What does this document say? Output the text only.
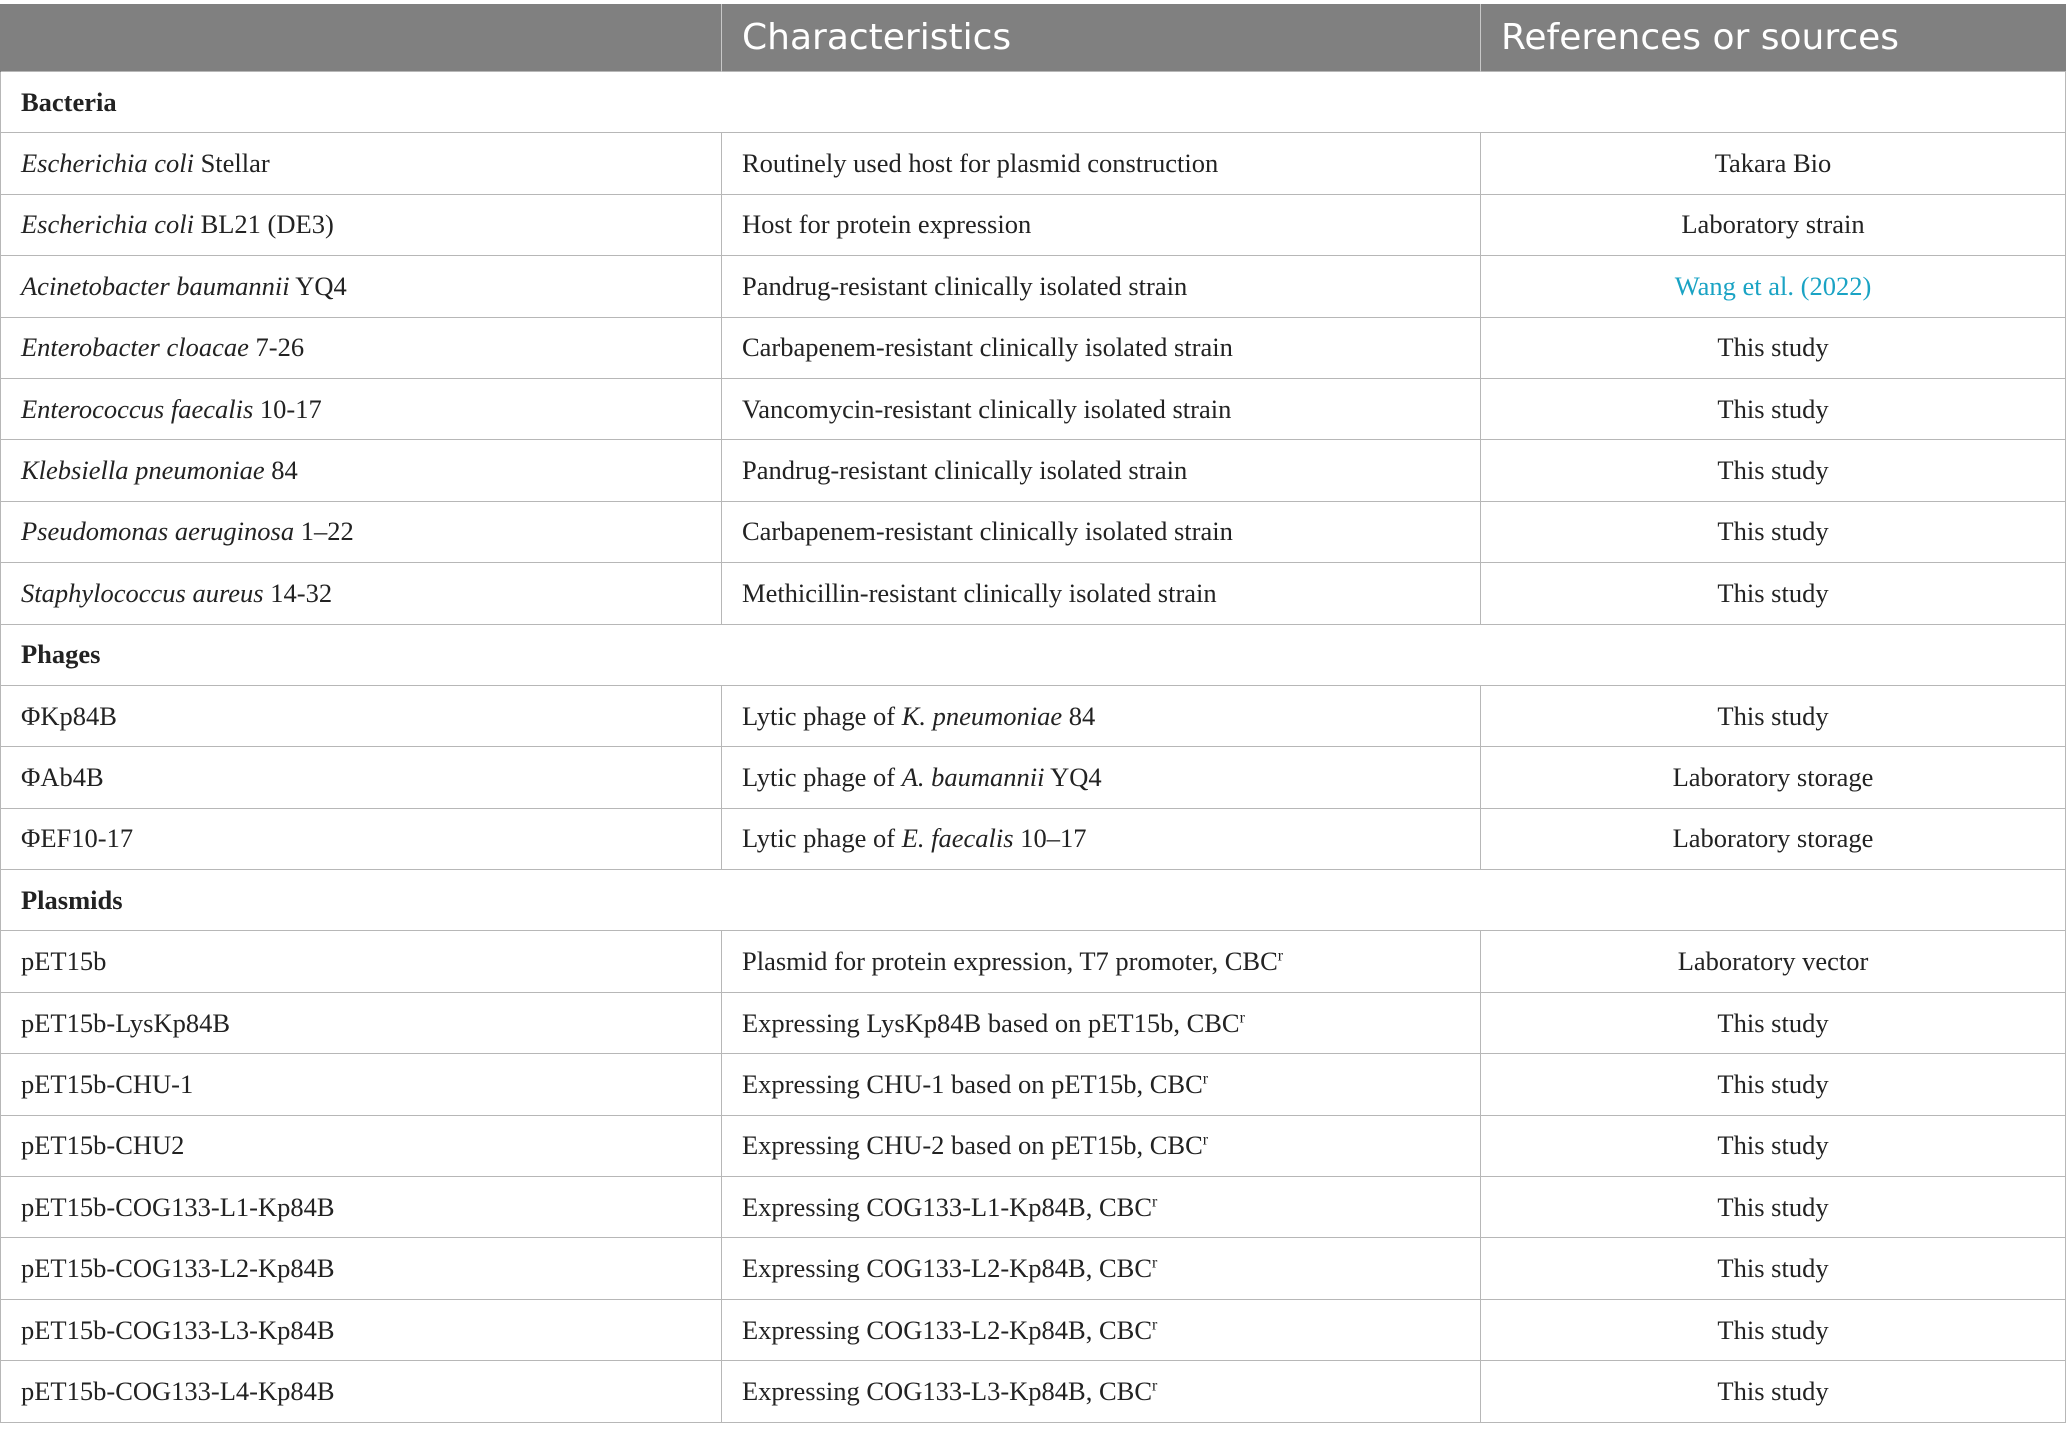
	Characteristics	References or sources
Bacteria		
Escherichia coli Stellar	Routinely used host for plasmid construction	Takara Bio
Escherichia coli BL21 (DE3)	Host for protein expression	Laboratory strain
Acinetobacter baumannii YQ4	Pandrug-resistant clinically isolated strain	Wang et al. (2022)
Enterobacter cloacae 7-26	Carbapenem-resistant clinically isolated strain	This study
Enterococcus faecalis 10-17	Vancomycin-resistant clinically isolated strain	This study
Klebsiella pneumoniae 84	Pandrug-resistant clinically isolated strain	This study
Pseudomonas aeruginosa 1–22	Carbapenem-resistant clinically isolated strain	This study
Staphylococcus aureus 14-32	Methicillin-resistant clinically isolated strain	This study
Phages		
ΦKp84B	Lytic phage of K. pneumoniae 84	This study
ΦAb4B	Lytic phage of A. baumannii YQ4	Laboratory storage
ΦEF10-17	Lytic phage of E. faecalis 10–17	Laboratory storage
Plasmids		
pET15b	Plasmid for protein expression, T7 promoter, CBC$^r$	Laboratory vector
pET15b-LysKp84B	Expressing LysKp84B based on pET15b, CBC$^r$	This study
pET15b-CHU-1	Expressing CHU-1 based on pET15b, CBC$^r$	This study
pET15b-CHU2	Expressing CHU-2 based on pET15b, CBC$^r$	This study
pET15b-COG133-L1-Kp84B	Expressing COG133-L1-Kp84B, CBC$^r$	This study
pET15b-COG133-L2-Kp84B	Expressing COG133-L2-Kp84B, CBC$^r$	This study
pET15b-COG133-L3-Kp84B	Expressing COG133-L2-Kp84B, CBC$^r$	This study
pET15b-COG133-L4-Kp84B	Expressing COG133-L3-Kp84B, CBC$^r$	This study
